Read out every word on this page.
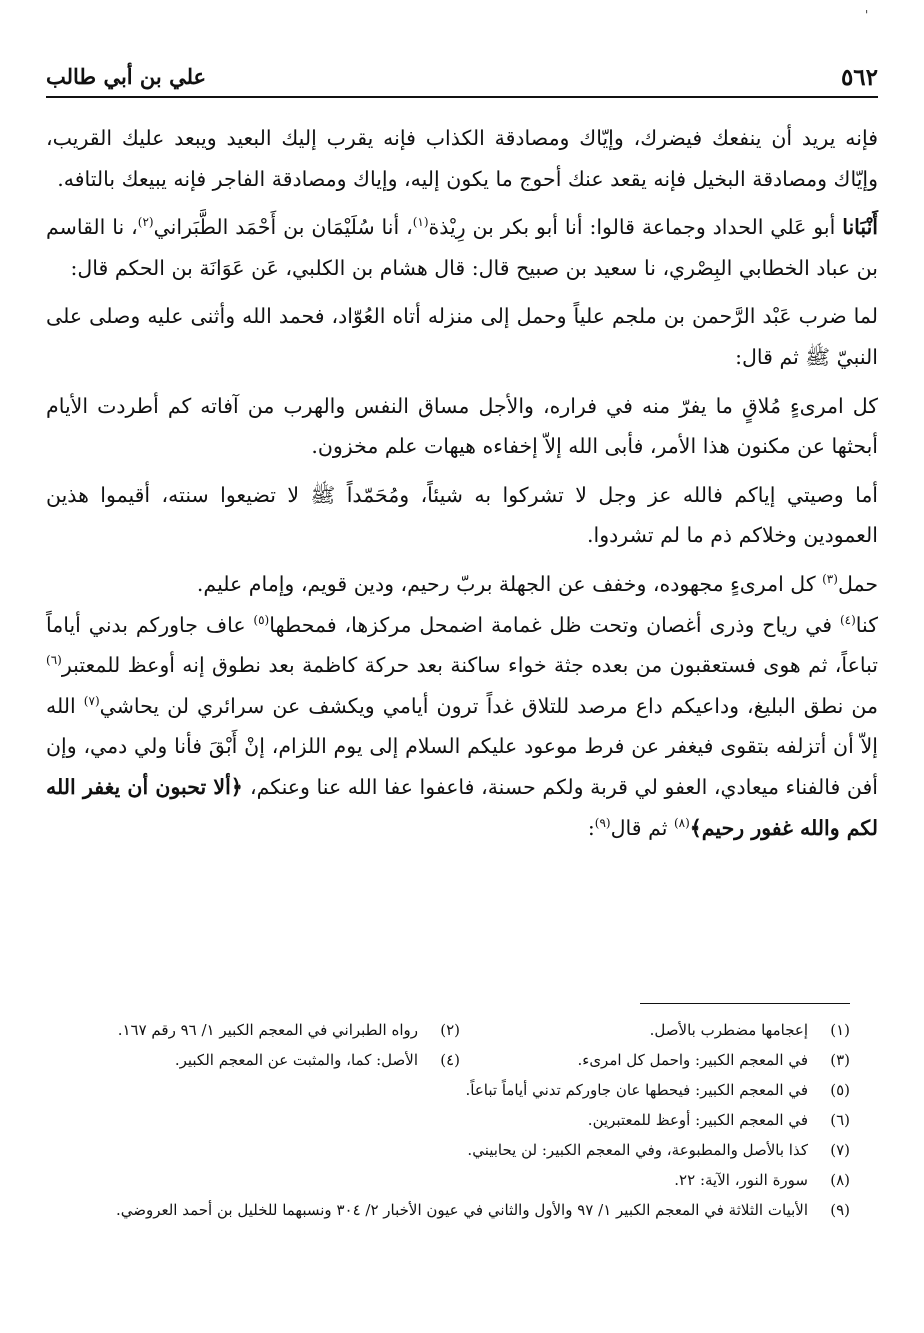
'
٥٦٢
علي بن أبي طالب

فإنه يريد أن ينفعك فيضرك، وإيّاك ومصادقة الكذاب فإنه يقرب إليك البعيد ويبعد عليك القريب، وإيّاك ومصادقة البخيل فإنه يقعد عنك أحوج ما يكون إليه، وإياك ومصادقة الفاجر فإنه يبيعك بالتافه.

أَنْبَانا أبو عَلي الحداد وجماعة قالوا: أنا أبو بكر بن رِيْذة$^{(١)}$، أنا سُلَيْمَان بن أَحْمَد الطَّبَراني$^{(٢)}$، نا القاسم بن عباد الخطابي البِصْري، نا سعيد بن صبيح قال: قال هشام بن الكلبي، عَن عَوَانَة بن الحكم قال:

لما ضرب عَبْد الرَّحمن بن ملجم علياً وحمل إلى منزله أتاه العُوّاد، فحمد الله وأثنى عليه وصلى على النبيّ ﷺ ثم قال:

كل امرىءٍ مُلاقٍ ما يفرّ منه في فراره، والأجل مساق النفس والهرب من آفاته كم أطردت الأيام أبحثها عن مكنون هذا الأمر، فأبى الله إلاّ إخفاءه هيهات علم مخزون.

أما وصيتي إياكم فالله عز وجل لا تشركوا به شيئاً، ومُحَمّداً ﷺ لا تضيعوا سنته، أقيموا هذين العمودين وخلاكم ذم ما لم تشردوا.

حمل$^{(٣)}$ كل امرىءٍ مجهوده، وخفف عن الجهلة بربّ رحيم، ودين قويم، وإمام عليم.

كنا$^{(٤)}$ في رياح وذرى أغصان وتحت ظل غمامة اضمحل مركزها، فمحطها$^{(٥)}$ عاف جاوركم بدني أياماً تباعاً، ثم هوى فستعقبون من بعده جثة خواء ساكنة بعد حركة كاظمة بعد نطوق إنه أوعظ للمعتبر$^{(٦)}$ من نطق البليغ، وداعيكم داع مرصد للتلاق غداً ترون أيامي ويكشف عن سرائري لن يحاشي$^{(٧)}$ الله إلاّ أن أتزلفه بتقوى فيغفر عن فرط موعود عليكم السلام إلى يوم اللزام، إنْ أَبْقَ فأنا ولي دمي، وإن أفن فالفناء ميعادي، العفو لي قربة ولكم حسنة، فاعفوا عفا الله عنا وعنكم، ﴿ألا تحبون أن يغفر الله لكم والله غفور رحيم﴾$^{(٨)}$ ثم قال$^{(٩)}$:

(١)
إعجامها مضطرب بالأصل.
(٢)
رواه الطبراني في المعجم الكبير ١/ ٩٦ رقم ١٦٧.
(٣)
في المعجم الكبير: واحمل كل امرىء.
(٤)
الأصل: كما، والمثبت عن المعجم الكبير.
(٥)
في المعجم الكبير: فيحطها عان جاوركم تدني أياماً تباعاً.
(٦)
في المعجم الكبير: أوعظ للمعتبرين.
(٧)
كذا بالأصل والمطبوعة، وفي المعجم الكبير: لن يحابيني.
(٨)
سورة النور، الآية: ٢٢.
(٩)
الأبيات الثلاثة في المعجم الكبير ١/ ٩٧ والأول والثاني في عيون الأخبار ٢/ ٣٠٤ ونسبهما للخليل بن أحمد العروضي.
